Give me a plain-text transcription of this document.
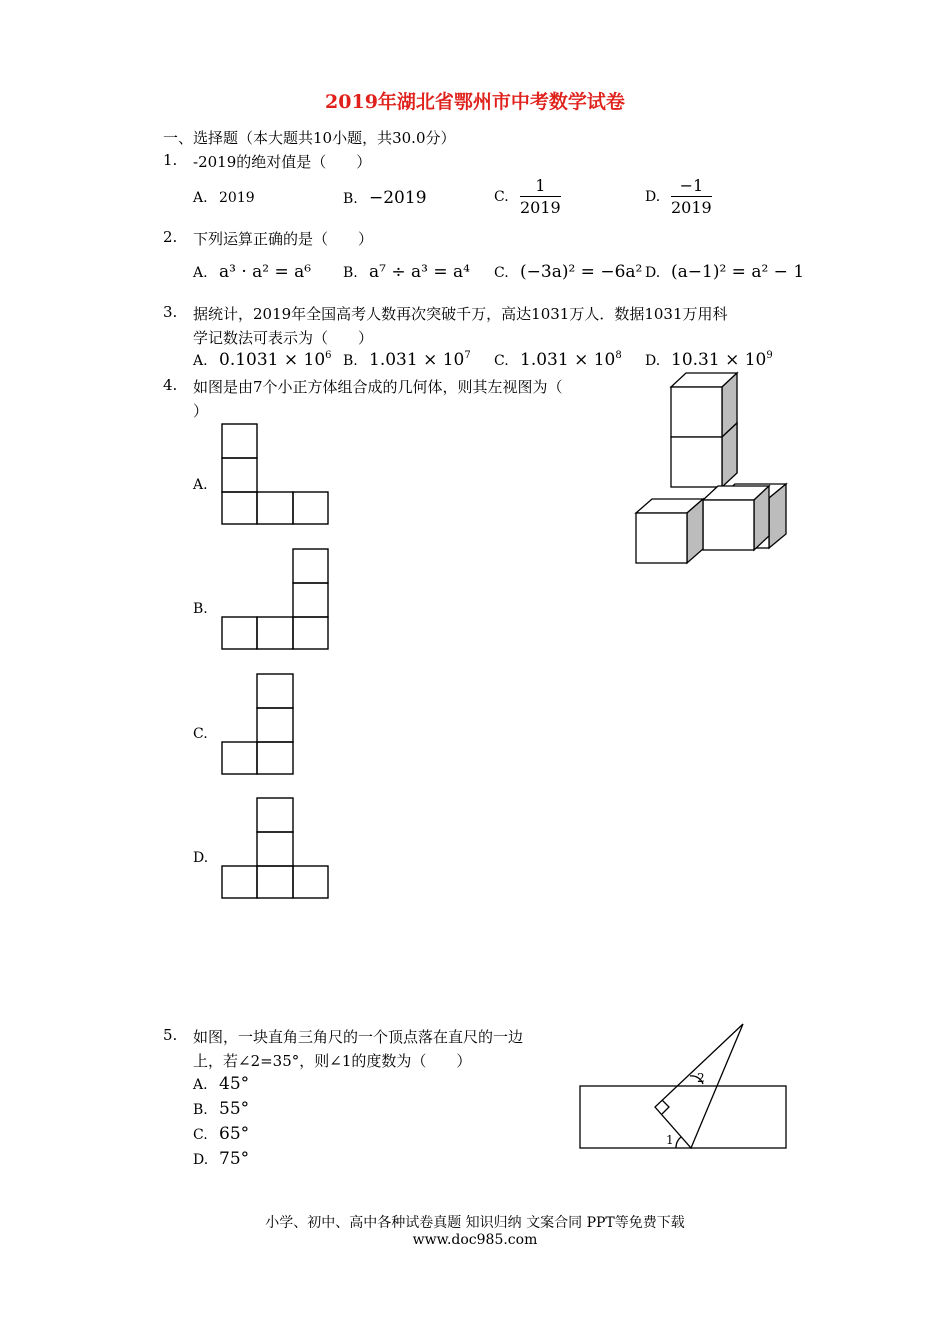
2019年湖北省鄂州市中考数学试卷
一、选择题（本大题共10小题，共30.0分）
1. -2019的绝对值是（　　）
A. 2019	B. −2019	C. $\frac{1}{2019}$	D. $\frac{-1}{2019}$
2. 下列运算正确的是（　　）
A. a³ · a² = a⁶ B. a⁷ ÷ a³ = a⁴ C. (−3a)² = −6a² D. (a−1)² = a² − 1
3. 据统计，2019年全国高考人数再次突破千万，高达1031万人．数据1031万用科
学记数法可表示为（　　）
A. $0.1031 \times 10^6$ B. $1.031 \times 10^7$ C. $1.031 \times 10^8$ D. $10.31 \times 10^9$
4. 如图是由7个小正方体组合成的几何体，则其左视图为（
）
A.
B.
C.
D.
5. 如图，一块直角三角尺的一个顶点落在直尺的一边
上，若∠2=35°，则∠1的度数为（　　）
A. 45°
B. 55°
C. 65°
D. 75°
2
1
小学、初中、高中各种试卷真题 知识归纳 文案合同 PPT等免费下载
www.doc985.com
